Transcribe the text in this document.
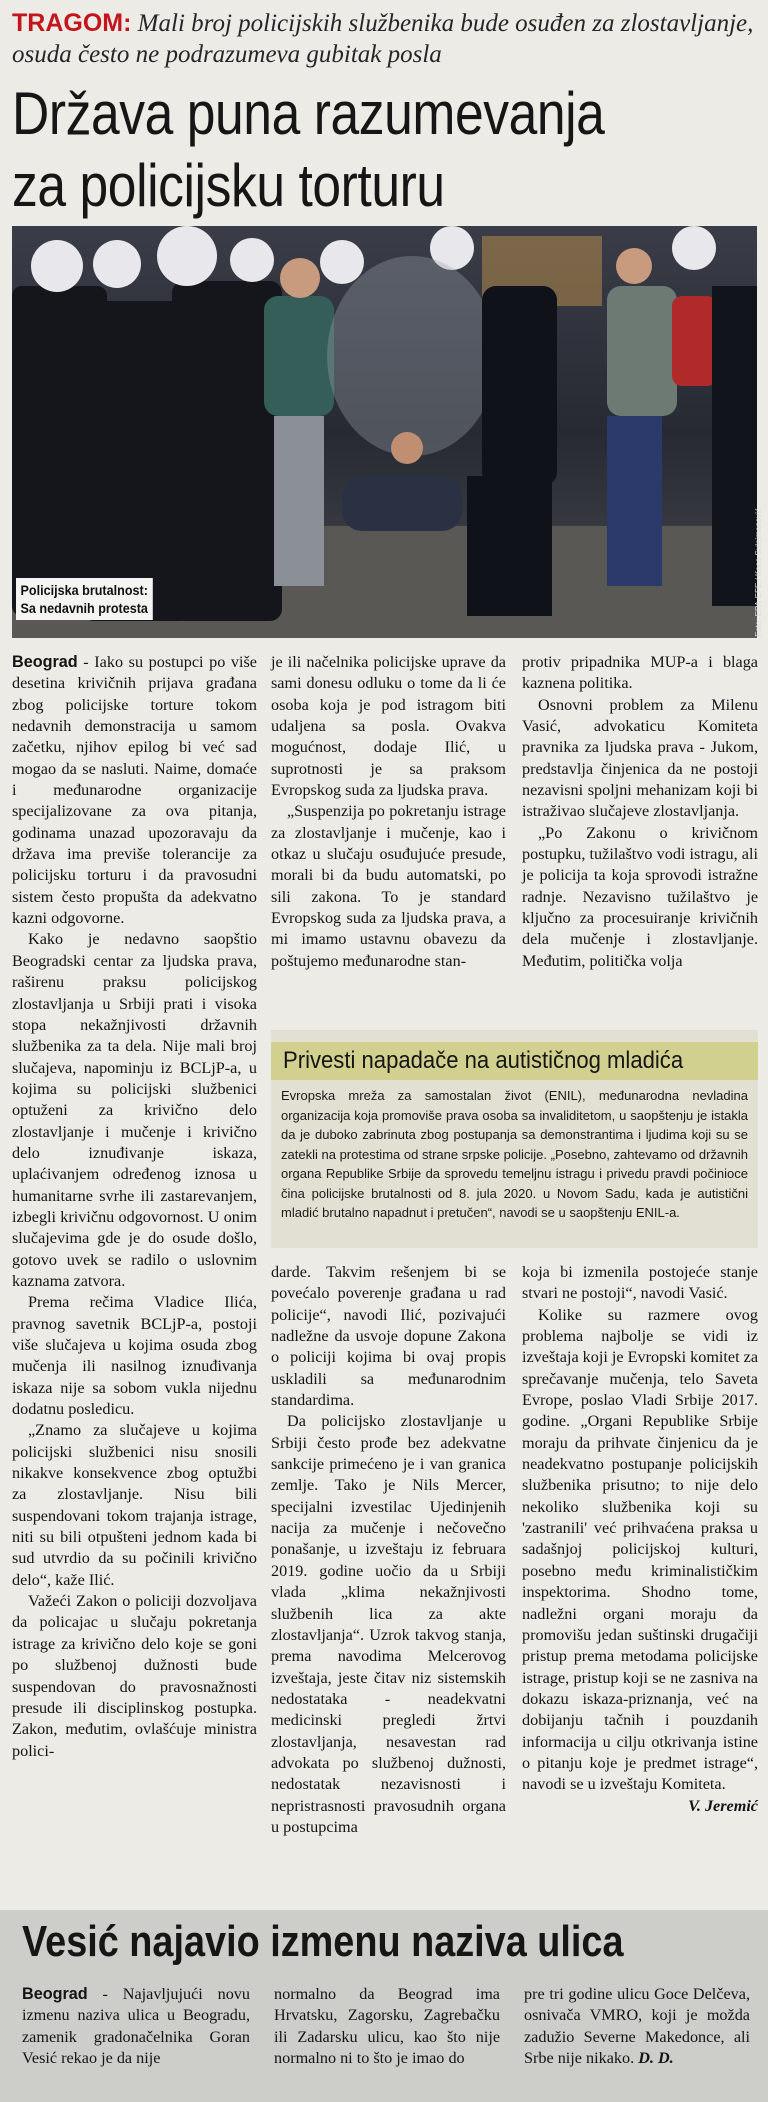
TRAGOM: Mali broj policijskih službenika bude osuđen za zlostavljanje, osuda često ne podrazumeva gubitak posla
Država puna razumevanja
za policijsku torturu
Policijska brutalnost:
Sa nedavnih protesta	Foto: EPA-EFE / Koca Sulejmanović

Beograd - Iako su postupci po više desetina krivičnih prijava građana zbog policijske torture tokom nedavnih demonstracija u samom začetku, njihov epilog bi već sad mogao da se nasluti. Naime, domaće i međunarodne organizacije specijalizovane za ova pitanja, godinama unazad upozoravaju da država ima previše tolerancije za policijsku torturu i da pravosudni sistem često propušta da adekvatno kazni odgovorne.

Kako je nedavno saopštio Beogradski centar za ljudska prava, raširenu praksu policijskog zlostavljanja u Srbiji prati i visoka stopa nekažnjivosti državnih službenika za ta dela. Nije mali broj slučajeva, napominju iz BCLjP-a, u kojima su policijski službenici optuženi za krivično delo zlostavljanje i mučenje i krivično delo iznuđivanje iskaza, uplaćivanjem određenog iznosa u humanitarne svrhe ili zastarevanjem, izbegli krivičnu odgovornost. U onim slučajevima gde je do osude došlo, gotovo uvek se radilo o uslovnim kaznama zatvora.

Prema rečima Vladice Ilića, pravnog savetnik BCLjP-a, postoji više slučajeva u kojima osuda zbog mučenja ili nasilnog iznuđivanja iskaza nije sa sobom vukla nijednu dodatnu posledicu.

„Znamo za slučajeve u kojima policijski službenici nisu snosili nikakve konsekvence zbog optužbi za zlostavljanje. Nisu bili suspendovani tokom trajanja istrage, niti su bili otpušteni jednom kada bi sud utvrdio da su počinili krivično delo“, kaže Ilić.

Važeći Zakon o policiji dozvoljava da policajac u slučaju pokretanja istrage za krivično delo koje se goni po službenoj dužnosti bude suspendovan do pravosnažnosti presude ili disciplinskog postupka. Zakon, međutim, ovlašćuje ministra polici-

je ili načelnika policijske uprave da sami donesu odluku o tome da li će osoba koja je pod istragom biti udaljena sa posla. Ovakva mogućnost, dodaje Ilić, u suprotnosti je sa praksom Evropskog suda za ljudska prava.

„Suspenzija po pokretanju istrage za zlostavljanje i mučenje, kao i otkaz u slučaju osuđujuće presude, morali bi da budu automatski, po sili zakona. To je standard Evropskog suda za ljudska prava, a mi imamo ustavnu obavezu da poštujemo međunarodne stan-

protiv pripadnika MUP-a i blaga kaznena politika.

Osnovni problem za Milenu Vasić, advokaticu Komiteta pravnika za ljudska prava - Jukom, predstavlja činjenica da ne postoji nezavisni spoljni mehanizam koji bi istraživao slučajeve zlostavljanja.

„Po Zakonu o krivičnom postupku, tužilaštvo vodi istragu, ali je policija ta koja sprovodi istražne radnje. Nezavisno tužilaštvo je ključno za procesuiranje krivičnih dela mučenje i zlostavljanje. Međutim, politička volja

Privesti napadače na autističnog mladića
Evropska mreža za samostalan život (ENIL), međunarodna nevladina organizacija koja promoviše prava osoba sa invaliditetom, u saopštenju je istakla da je duboko zabrinuta zbog postupanja sa demonstrantima i ljudima koji su se zatekli na protestima od strane srpske policije. „Posebno, zahtevamo od državnih organa Republike Srbije da sprovedu temeljnu istragu i privedu pravdi počinioce čina policijske brutalnosti od 8. jula 2020. u Novom Sadu, kada je autistični mladić brutalno napadnut i pretučen“, navodi se u saopštenju ENIL-a.

darde. Takvim rešenjem bi se povećalo poverenje građana u rad policije“, navodi Ilić, pozivajući nadležne da usvoje dopune Zakona o policiji kojima bi ovaj propis uskladili sa međunarodnim standardima.

Da policijsko zlostavljanje u Srbiji često prođe bez adekvatne sankcije primećeno je i van granica zemlje. Tako je Nils Mercer, specijalni izvestilac Ujedinjenih nacija za mučenje i nečovečno ponašanje, u izveštaju iz februara 2019. godine uočio da u Srbiji vlada „klima nekažnjivosti službenih lica za akte zlostavljanja“. Uzrok takvog stanja, prema navodima Melcerovog izveštaja, jeste čitav niz sistemskih nedostataka - neadekvatni medicinski pregledi žrtvi zlostavljanja, nesavestan rad advokata po službenoj dužnosti, nedostatak nezavisnosti i nepristrasnosti pravosudnih organa u postupcima

koja bi izmenila postojeće stanje stvari ne postoji“, navodi Vasić.

Kolike su razmere ovog problema najbolje se vidi iz izveštaja koji je Evropski komitet za sprečavanje mučenja, telo Saveta Evrope, poslao Vladi Srbije 2017. godine. „Organi Republike Srbije moraju da prihvate činjenicu da je neadekvatno postupanje policijskih službenika prisutno; to nije delo nekoliko službenika koji su 'zastranili' već prihvaćena praksa u sadašnjoj policijskoj kulturi, posebno među kriminalističkim inspektorima. Shodno tome, nadležni organi moraju da promovišu jedan suštinski drugačiji pristup prema metodama policijske istrage, pristup koji se ne zasniva na dokazu iskaza-priznanja, već na dobijanju tačnih i pouzdanih informacija u cilju otkrivanja istine o pitanju koje je predmet istrage“, navodi se u izveštaju Komiteta.

V. Jeremić
Vesić najavio izmenu naziva ulica
Beograd - Najavljujući novu izmenu naziva ulica u Beogradu, zamenik gradonačelnika Goran Vesić rekao je da nije
normalno da Beograd ima Hrvatsku, Zagorsku, Zagrebačku ili Zadarsku ulicu, kao što nije normalno ni to što je imao do
pre tri godine ulicu Goce Delčeva, osnivača VMRO, koji je možda zadužio Severne Makedonce, ali Srbe nije nikako. D. D.
